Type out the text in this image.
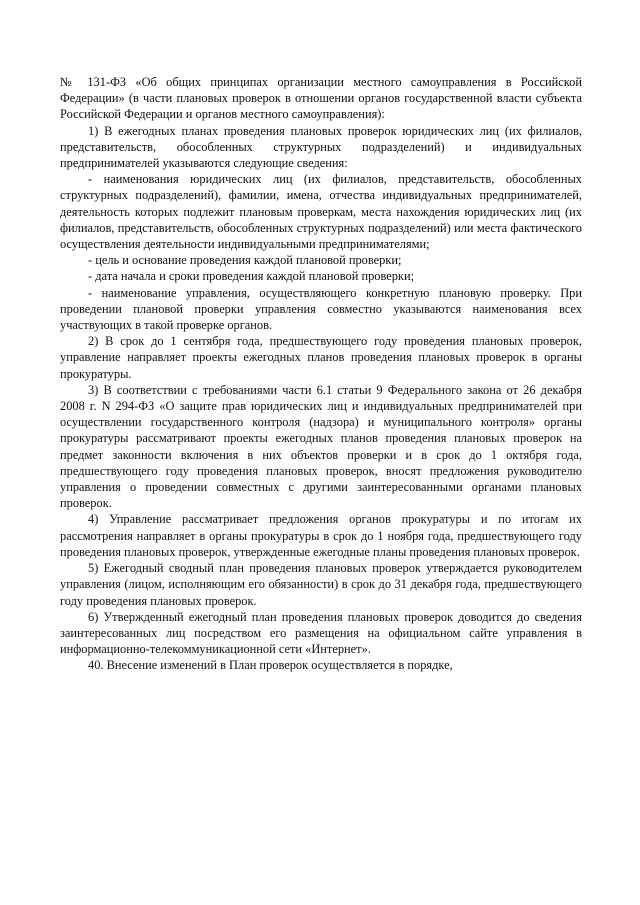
№ 131-ФЗ «Об общих принципах организации местного самоуправления в Российской Федерации» (в части плановых проверок в отношении органов государственной власти субъекта Российской Федерации и органов местного самоуправления):

1) В ежегодных планах проведения плановых проверок юридических лиц (их филиалов, представительств, обособленных структурных подразделений) и индивидуальных предпринимателей указываются следующие сведения:

- наименования юридических лиц (их филиалов, представительств, обособленных структурных подразделений), фамилии, имена, отчества индивидуальных предпринимателей, деятельность которых подлежит плановым проверкам, места нахождения юридических лиц (их филиалов, представительств, обособленных структурных подразделений) или места фактического осуществления деятельности индивидуальными предпринимателями;

- цель и основание проведения каждой плановой проверки;

- дата начала и сроки проведения каждой плановой проверки;

- наименование управления, осуществляющего конкретную плановую проверку. При проведении плановой проверки управления совместно указываются наименования всех участвующих в такой проверке органов.

2) В срок до 1 сентября года, предшествующего году проведения плановых проверок, управление направляет проекты ежегодных планов проведения плановых проверок в органы прокуратуры.

3) В соответствии с требованиями части 6.1 статьи 9 Федерального закона от 26 декабря 2008 г. N 294-ФЗ «О защите прав юридических лиц и индивидуальных предпринимателей при осуществлении государственного контроля (надзора) и муниципального контроля» органы прокуратуры рассматривают проекты ежегодных планов проведения плановых проверок на предмет законности включения в них объектов проверки и в срок до 1 октября года, предшествующего году проведения плановых проверок, вносят предложения руководителю управления о проведении совместных с другими заинтересованными органами плановых проверок.

4) Управление рассматривает предложения органов прокуратуры и по итогам их рассмотрения направляет в органы прокуратуры в срок до 1 ноября года, предшествующего году проведения плановых проверок, утвержденные ежегодные планы проведения плановых проверок.

5) Ежегодный сводный план проведения плановых проверок утверждается руководителем управления (лицом, исполняющим его обязанности) в срок до 31 декабря года, предшествующего году проведения плановых проверок.

6) Утвержденный ежегодный план проведения плановых проверок доводится до сведения заинтересованных лиц посредством его размещения на официальном сайте управления в информационно-телекоммуникационной сети «Интернет».

40. Внесение изменений в План проверок осуществляется в порядке,
